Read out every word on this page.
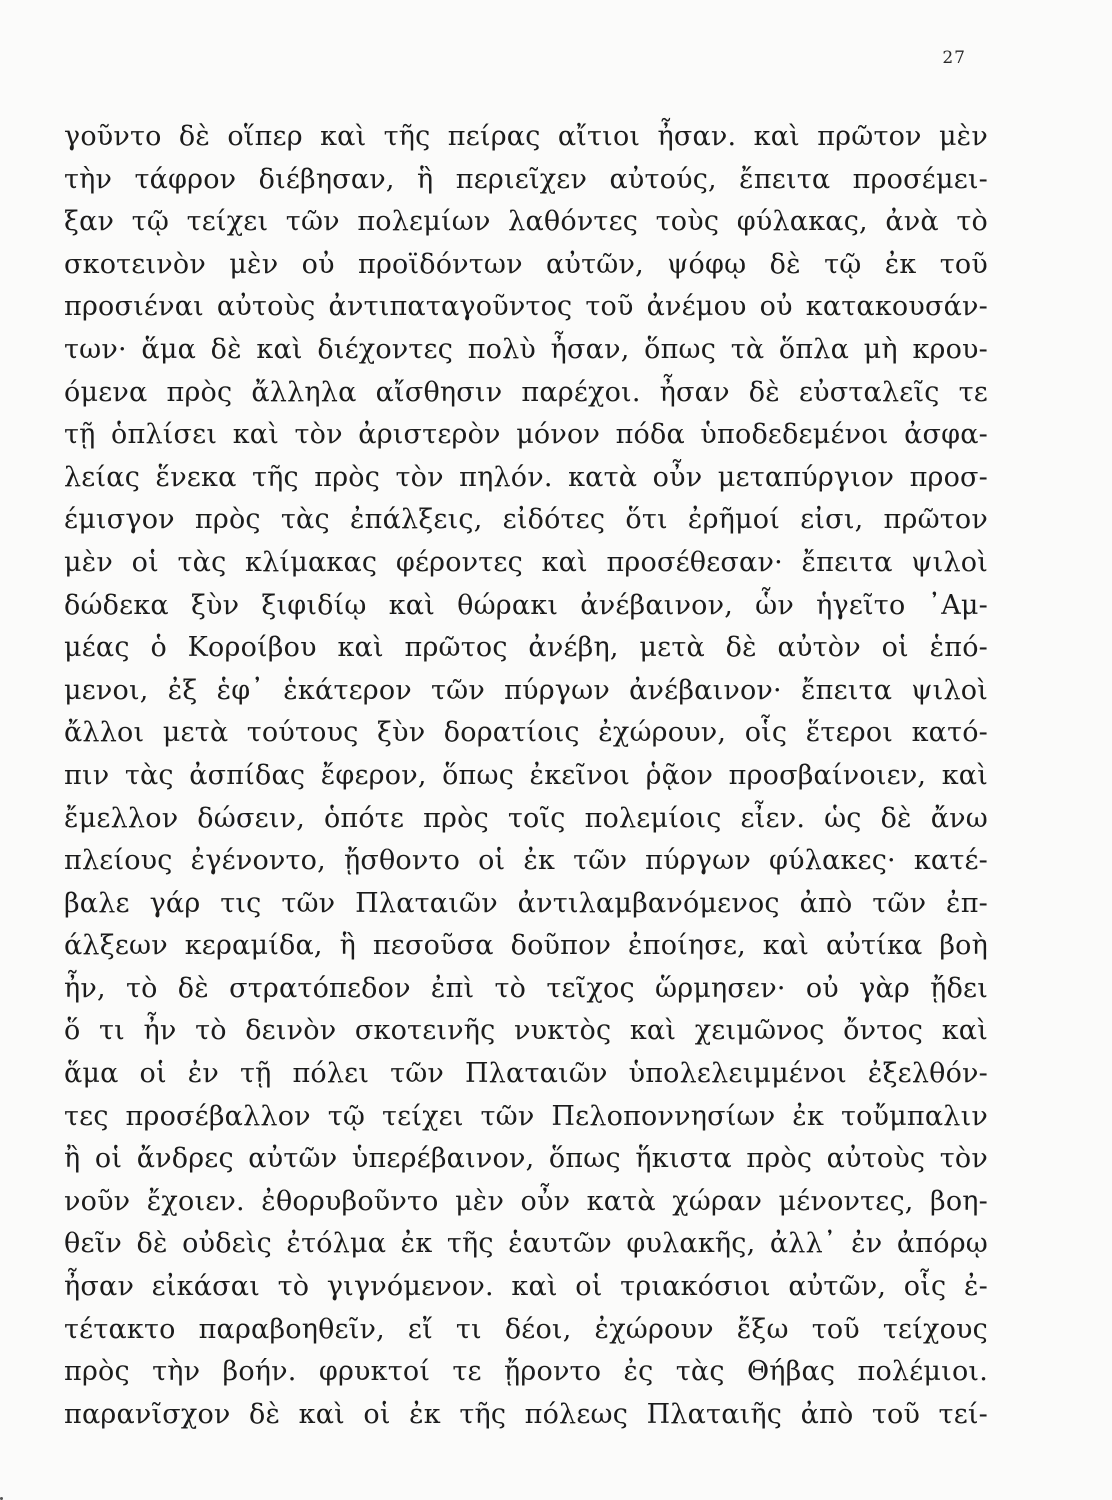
27
γοῦντο δὲ οἵπερ καὶ τῆς πείρας αἴτιοι ἦσαν. καὶ πρῶτον μὲν
τὴν τάφρον διέβησαν, ἣ περιεῖχεν αὐτούς, ἔπειτα προσέμει-
ξαν τῷ τείχει τῶν πολεμίων λαθόντες τοὺς φύλακας, ἀνὰ τὸ
σκοτεινὸν μὲν οὐ προϊδόντων αὐτῶν, ψόφῳ δὲ τῷ ἐκ τοῦ
προσιέναι αὐτοὺς ἀντιπαταγοῦντος τοῦ ἀνέμου οὐ κατακουσάν-
των· ἅμα δὲ καὶ διέχοντες πολὺ ἦσαν, ὅπως τὰ ὅπλα μὴ κρου-
όμενα πρὸς ἄλληλα αἴσθησιν παρέχοι. ἦσαν δὲ εὐσταλεῖς τε
τῇ ὁπλίσει καὶ τὸν ἀριστερὸν μόνον πόδα ὑποδεδεμένοι ἀσφα-
λείας ἕνεκα τῆς πρὸς τὸν πηλόν. κατὰ οὖν μεταπύργιον προσ-
έμισγον πρὸς τὰς ἐπάλξεις, εἰδότες ὅτι ἐρῆμοί εἰσι, πρῶτον
μὲν οἱ τὰς κλίμακας φέροντες καὶ προσέθεσαν· ἔπειτα ψιλοὶ
δώδεκα ξὺν ξιφιδίῳ καὶ θώρακι ἀνέβαινον, ὧν ἡγεῖτο ᾿Αμ-
μέας ὁ Κοροίβου καὶ πρῶτος ἀνέβη, μετὰ δὲ αὐτὸν οἱ ἑπό-
μενοι, ἐξ ἑφ᾿ ἑκάτερον τῶν πύργων ἀνέβαινον· ἔπειτα ψιλοὶ
ἄλλοι μετὰ τούτους ξὺν δορατίοις ἐχώρουν, οἷς ἕτεροι κατό-
πιν τὰς ἀσπίδας ἔφερον, ὅπως ἐκεῖνοι ῥᾷον προσβαίνοιεν, καὶ
ἔμελλον δώσειν, ὁπότε πρὸς τοῖς πολεμίοις εἶεν. ὡς δὲ ἄνω
πλείους ἐγένοντο, ᾔσθοντο οἱ ἐκ τῶν πύργων φύλακες· κατέ-
βαλε γάρ τις τῶν Πλαταιῶν ἀντιλαμβανόμενος ἀπὸ τῶν ἐπ-
άλξεων κεραμίδα, ἣ πεσοῦσα δοῦπον ἐποίησε, καὶ αὐτίκα βοὴ
ἦν, τὸ δὲ στρατόπεδον ἐπὶ τὸ τεῖχος ὥρμησεν· οὐ γὰρ ᾔδει
ὅ τι ἦν τὸ δεινὸν σκοτεινῆς νυκτὸς καὶ χειμῶνος ὄντος καὶ
ἅμα οἱ ἐν τῇ πόλει τῶν Πλαταιῶν ὑπολελειμμένοι ἐξελθόν-
τες προσέβαλλον τῷ τείχει τῶν Πελοποννησίων ἐκ τοὔμπαλιν
ἢ οἱ ἄνδρες αὐτῶν ὑπερέβαινον, ὅπως ἥκιστα πρὸς αὐτοὺς τὸν
νοῦν ἔχοιεν. ἐθορυβοῦντο μὲν οὖν κατὰ χώραν μένοντες, βοη-
θεῖν δὲ οὐδεὶς ἐτόλμα ἐκ τῆς ἑαυτῶν φυλακῆς, ἀλλ᾿ ἐν ἀπόρῳ
ἦσαν εἰκάσαι τὸ γιγνόμενον. καὶ οἱ τριακόσιοι αὐτῶν, οἷς ἐ-
τέτακτο παραβοηθεῖν, εἴ τι δέοι, ἐχώρουν ἔξω τοῦ τείχους
πρὸς τὴν βοήν. φρυκτοί τε ᾔροντο ἐς τὰς Θήβας πολέμιοι.
παρανῖσχον δὲ καὶ οἱ ἐκ τῆς πόλεως Πλαταιῆς ἀπὸ τοῦ τεί-
